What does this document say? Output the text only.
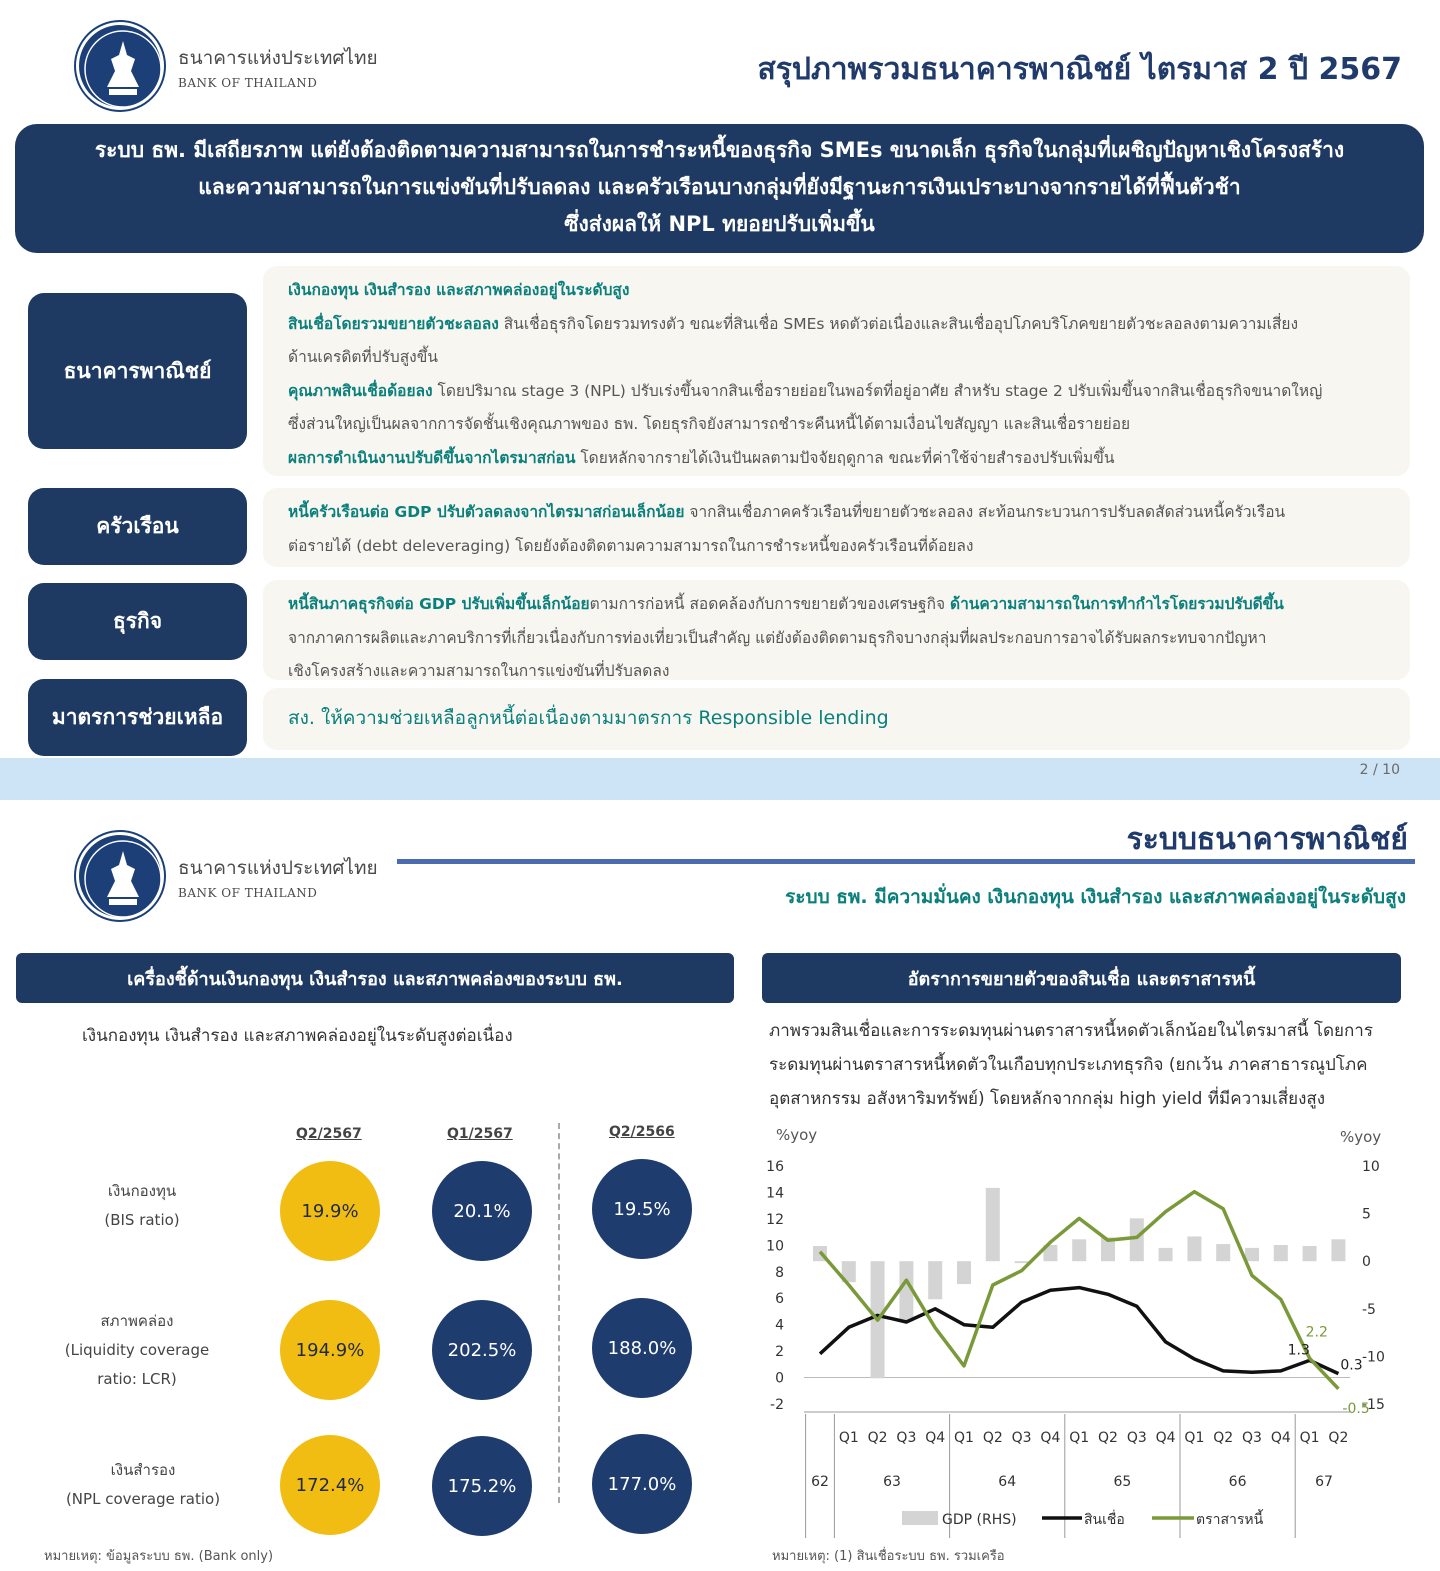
ธนาคารแห่งประเทศไทย
BANK OF THAILAND	สรุปภาพรวมธนาคารพาณิชย์ ไตรมาส 2 ปี 2567
ระบบ ธพ. มีเสถียรภาพ แต่ยังต้องติดตามความสามารถในการชำระหนี้ของธุรกิจ SMEs ขนาดเล็ก ธุรกิจในกลุ่มที่เผชิญปัญหาเชิงโครงสร้าง
และความสามารถในการแข่งขันที่ปรับลดลง และครัวเรือนบางกลุ่มที่ยังมีฐานะการเงินเปราะบางจากรายได้ที่ฟื้นตัวช้า
ซึ่งส่งผลให้ NPL ทยอยปรับเพิ่มขึ้น
ธนาคารพาณิชย์
เงินกองทุน เงินสำรอง และสภาพคล่องอยู่ในระดับสูง
สินเชื่อโดยรวมขยายตัวชะลอลง สินเชื่อธุรกิจโดยรวมทรงตัว ขณะที่สินเชื่อ SMEs หดตัวต่อเนื่องและสินเชื่ออุปโภคบริโภคขยายตัวชะลอลงตามความเสี่ยง
ด้านเครดิตที่ปรับสูงขึ้น
คุณภาพสินเชื่อด้อยลง โดยปริมาณ stage 3 (NPL) ปรับเร่งขึ้นจากสินเชื่อรายย่อยในพอร์ตที่อยู่อาศัย สำหรับ stage 2 ปรับเพิ่มขึ้นจากสินเชื่อธุรกิจขนาดใหญ่
ซึ่งส่วนใหญ่เป็นผลจากการจัดชั้นเชิงคุณภาพของ ธพ. โดยธุรกิจยังสามารถชำระคืนหนี้ได้ตามเงื่อนไขสัญญา และสินเชื่อรายย่อย
ผลการดำเนินงานปรับดีขึ้นจากไตรมาสก่อน โดยหลักจากรายได้เงินปันผลตามปัจจัยฤดูกาล ขณะที่ค่าใช้จ่ายสำรองปรับเพิ่มขึ้น
ครัวเรือน
หนี้ครัวเรือนต่อ GDP ปรับตัวลดลงจากไตรมาสก่อนเล็กน้อย จากสินเชื่อภาคครัวเรือนที่ขยายตัวชะลอลง สะท้อนกระบวนการปรับลดสัดส่วนหนี้ครัวเรือน
ต่อรายได้ (debt deleveraging) โดยยังต้องติดตามความสามารถในการชำระหนี้ของครัวเรือนที่ด้อยลง
ธุรกิจ
หนี้สินภาคธุรกิจต่อ GDP ปรับเพิ่มขึ้นเล็กน้อยตามการก่อหนี้ สอดคล้องกับการขยายตัวของเศรษฐกิจ ด้านความสามารถในการทำกำไรโดยรวมปรับดีขึ้น
จากภาคการผลิตและภาคบริการที่เกี่ยวเนื่องกับการท่องเที่ยวเป็นสำคัญ แต่ยังต้องติดตามธุรกิจบางกลุ่มที่ผลประกอบการอาจได้รับผลกระทบจากปัญหา
เชิงโครงสร้างและความสามารถในการแข่งขันที่ปรับลดลง
มาตรการช่วยเหลือ	สง. ให้ความช่วยเหลือลูกหนี้ต่อเนื่องตามมาตรการ Responsible lending
2 / 10
ธนาคารแห่งประเทศไทย
BANK OF THAILAND
ระบบธนาคารพาณิชย์
ระบบ ธพ. มีความมั่นคง เงินกองทุน เงินสำรอง และสภาพคล่องอยู่ในระดับสูง
เครื่องชี้ด้านเงินกองทุน เงินสำรอง และสภาพคล่องของระบบ ธพ.
เงินกองทุน เงินสำรอง และสภาพคล่องอยู่ในระดับสูงต่อเนื่อง
Q2/2567	Q1/2567	Q2/2566
เงินกองทุน
(BIS ratio)	19.9%	20.1%	19.5%
สภาพคล่อง
(Liquidity coverage
ratio: LCR)
194.9%	202.5%	188.0%
เงินสำรอง
(NPL coverage ratio)
172.4%	175.2%	177.0%
หมายเหตุ: ข้อมูลระบบ ธพ. (Bank only)
อัตราการขยายตัวของสินเชื่อ และตราสารหนี้
ภาพรวมสินเชื่อและการระดมทุนผ่านตราสารหนี้หดตัวเล็กน้อยในไตรมาสนี้ โดยการ
ระดมทุนผ่านตราสารหนี้หดตัวในเกือบทุกประเภทธุรกิจ (ยกเว้น ภาคสาธารณูปโภค
อุตสาหกรรม อสังหาริมทรัพย์) โดยหลักจากกลุ่ม high yield ที่มีความเสี่ยงสูง
%yoy	%yoy
-2
0
2
4
6
8
10
12
14
16
-15
-10
-5
0
5
10
1.3
0.3
2.2
-0.5
Q1 Q2 Q3 Q4 Q1 Q2 Q3 Q4 Q1 Q2 Q3 Q4 Q1 Q2 Q3 Q4 Q1 Q2
62	63	64	65	66	67
GDP (RHS)	สินเชื่อ	ตราสารหนี้
หมายเหตุ: (1) สินเชื่อระบบ ธพ. รวมเครือ
